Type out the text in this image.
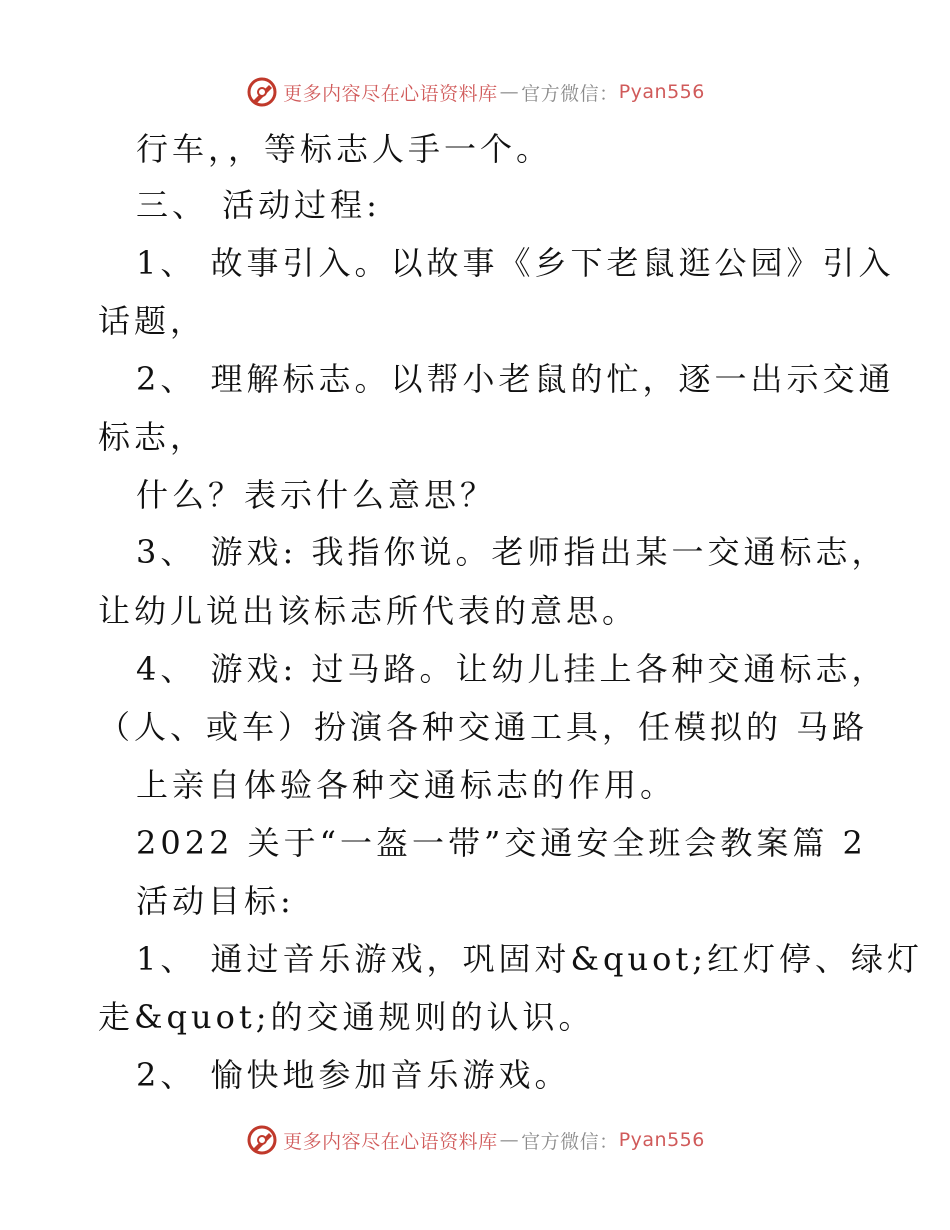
更多内容尽在心语资料库 — 官方微信： Pyan556
行车，，等标志人手一个。
三、 活动过程:
1、 故事引入。以故事《乡下老鼠逛公园》引入
话题，
2、 理解标志。以帮小老鼠的忙，逐一出示交通
标志，
什么？表示什么意思？
3、 游戏: 我指你说。老师指出某一交通标志，
让幼儿说出该标志所代表的意思。
4、 游戏: 过马路。让幼儿挂上各种交通标志，
（人、或车）扮演各种交通工具，任模拟的 马路
上亲自体验各种交通标志的作用。
2022 关于“一盔一带”交通安全班会教案篇 2
活动目标:
1、 通过音乐游戏，巩固对&quot;红灯停、绿灯
走&quot;的交通规则的认识。
2、 愉快地参加音乐游戏。
更多内容尽在心语资料库 — 官方微信： Pyan556
